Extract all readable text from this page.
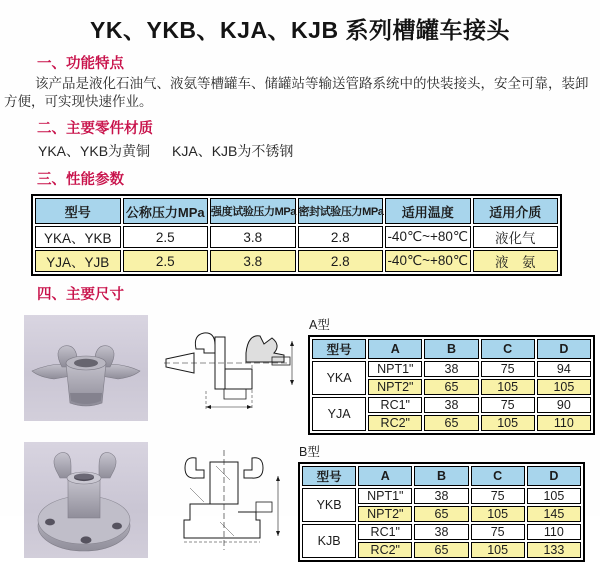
YK、YKB、KJA、KJB 系列槽罐车接头
一、功能特点

该产品是液化石油气、液氨等槽罐车、储罐站等输送管路系统中的快装接头，安全可靠，装卸方便，可实现快速作业。

二、主要零件材质
YKA、YKB为黄铜 KJA、KJB为不锈钢
三、性能参数
型号	公称压力MPa	强度试验压力MPa	密封试验压力MPa	适用温度	适用介质
YKA、YKB	2.5	3.8	2.8	-40℃~+80℃	液化气
YJA、YJB	2.5	3.8	2.8	-40℃~+80℃	液　氨
四、主要尺寸
A型
型号	A	B	C	D
YKA	NPT1"	38	75	94
	NPT2"	65	105	105
YJA	RC1"	38	75	90
	RC2"	65	105	110
B型
型号	A	B	C	D
YKB	NPT1"	38	75	105
	NPT2"	65	105	145
KJB	RC1"	38	75	110
	RC2"	65	105	133
